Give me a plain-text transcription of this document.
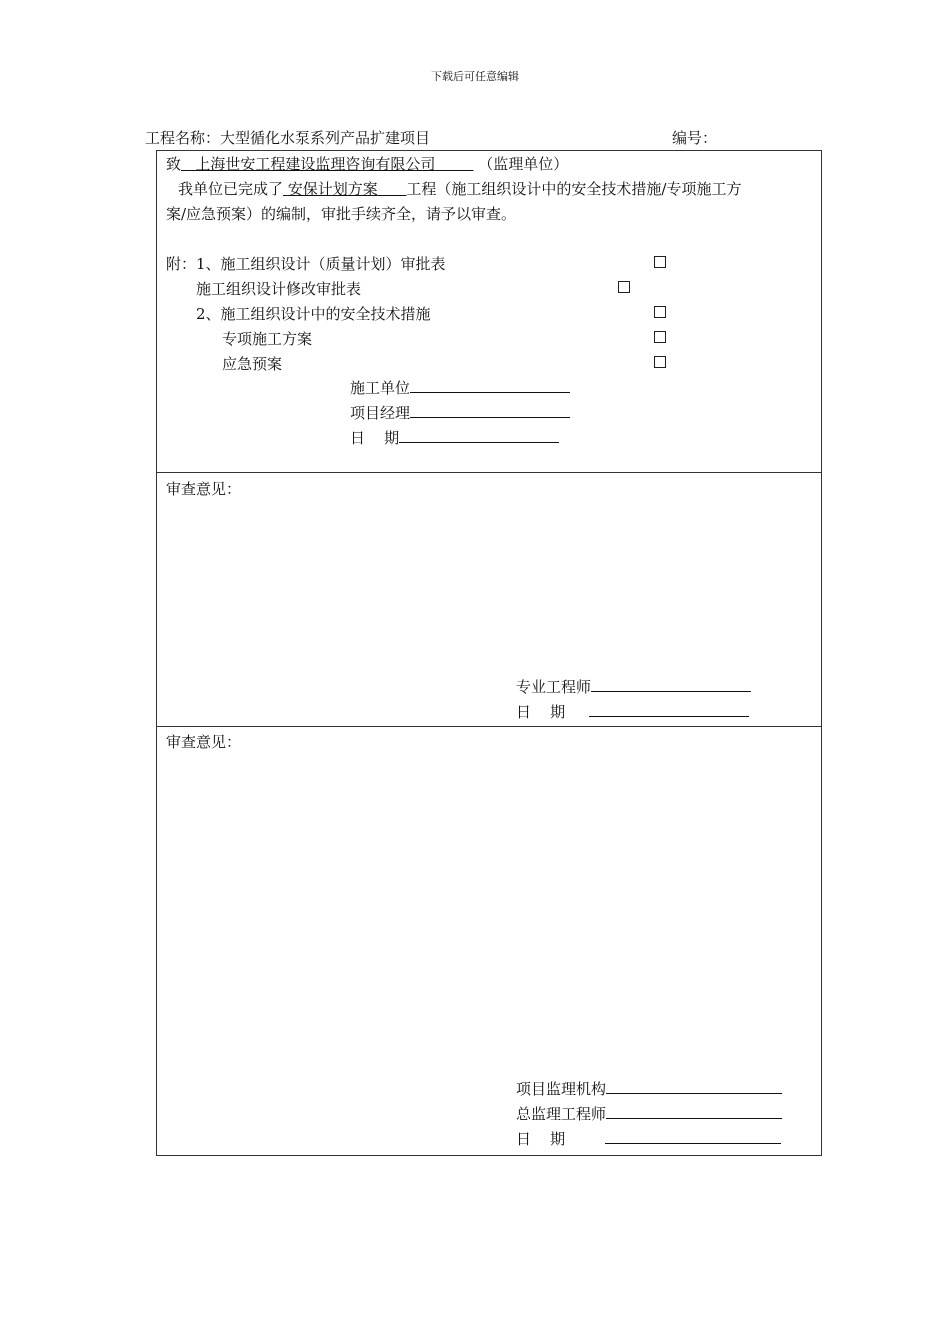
下载后可任意编辑
工程名称：大型循化水泵系列产品扩建项目	编号：
致 上海世安工程建设监理咨询有限公司	（监理单位）
我单位已完成了 安保计划方案 工程（施工组织设计中的安全技术措施/专项施工方
案/应急预案）的编制，审批手续齐全，请予以审查。
附：1、施工组织设计（质量计划）审批表
施工组织设计修改审批表
2、施工组织设计中的安全技术措施
专项施工方案
应急预案
施工单位
项目经理
日    期
审查意见：
专业工程师
日    期
审查意见：
项目监理机构
总监理工程师
日    期
